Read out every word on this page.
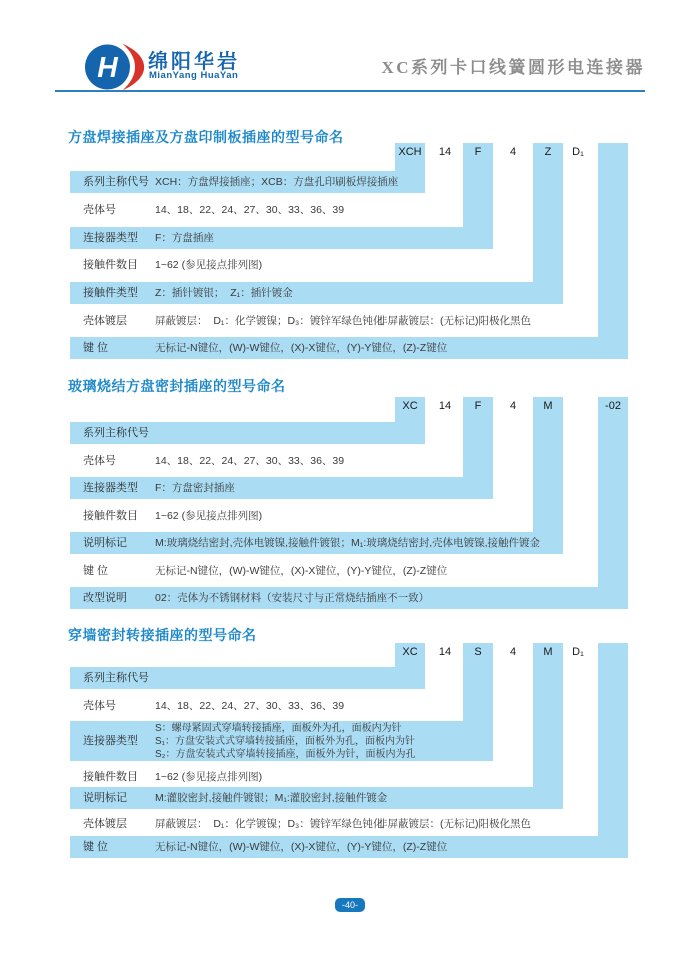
H 绵阳华岩
MianYang HuaYan	XC系列卡口线簧圆形电连接器
方盘焊接插座及方盘印制板插座的型号命名
XCH	14	F	4	Z	D₁
系列主称代号 XCH：方盘焊接插座；XCB：方盘孔印刷板焊接插座
壳体号	14、18、22、24、27、30、33、36、39
连接器类型 F：方盘插座
接触件数目 1~62 (参见接点排列图)
接触件类型 Z：插针镀银；  Z₁：插针镀金
壳体镀层	屏蔽镀层：  D₁：化学镀镍；D₃：镀锌军绿色钝化
非屏蔽镀层：(无标记)阳极化黑色
键 位	无标记-N键位，(W)-W键位，(X)-X键位，(Y)-Y键位，(Z)-Z键位
玻璃烧结方盘密封插座的型号命名
XC	14	F	4	M	-02
系列主称代号
壳体号	14、18、22、24、27、30、33、36、39
连接器类型 F：方盘密封插座
接触件数目 1~62 (参见接点排列图)
说明标记	M:玻璃烧结密封,壳体电镀镍,接触件镀银；M₁:玻璃烧结密封,壳体电镀镍,接触件镀金
键 位	无标记-N键位，(W)-W键位，(X)-X键位，(Y)-Y键位，(Z)-Z键位
改型说明	02：壳体为不锈钢材料（安装尺寸与正常烧结插座不一致）
穿墙密封转接插座的型号命名
XC	14	S	4	M	D₁
系列主称代号
壳体号	14、18、22、24、27、30、33、36、39
连接器类型
S：螺母紧固式穿墙转接插座，面板外为孔，面板内为针
S₁：方盘安装式式穿墙转接插座，面板外为孔，面板内为针
S₂：方盘安装式式穿墙转接插座，面板外为针，面板内为孔
接触件数目 1~62 (参见接点排列图)
说明标记	M:灌胶密封,接触件镀银；M₁:灌胶密封,接触件镀金
壳体镀层	屏蔽镀层：  D₁：化学镀镍；D₃：镀锌军绿色钝化
非屏蔽镀层：(无标记)阳极化黑色
键 位	无标记-N键位，(W)-W键位，(X)-X键位，(Y)-Y键位，(Z)-Z键位
-40-
